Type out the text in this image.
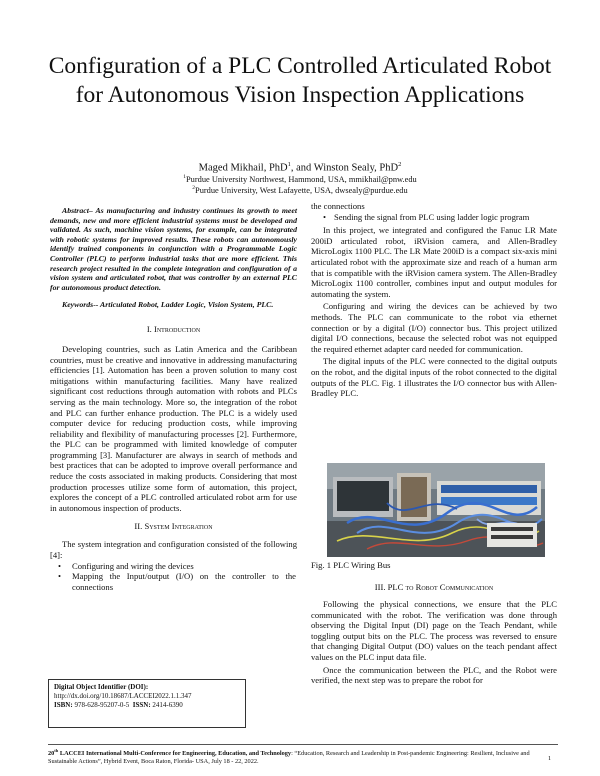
Configuration of a PLC Controlled Articulated Robot for Autonomous Vision Inspection Applications
Maged Mikhail, PhD$^1$, and Winston Sealy, PhD$^2$
$^1$Purdue University Northwest, Hammond, USA, mmikhail@pnw.edu
$^2$Purdue University, West Lafayette, USA, dwsealy@purdue.edu

Abstract– As manufacturing and industry continues its growth to meet demands, new and more efficient industrial systems must be developed and validated. As such, machine vision systems, for example, can be integrated with robotic systems for improved results. These robots can autonomously identify trained components in conjunction with a Programmable Logic Controller (PLC) to perform industrial tasks that are more efficient. This research project resulted in the complete integration and configuration of a vision system and articulated robot, that was controller by an external PLC for autonomous product detection.

Keywords-- Articulated Robot, Ladder Logic, Vision System, PLC.

I. Introduction

Developing countries, such as Latin America and the Caribbean countries, must be creative and innovative in addressing manufacturing efficiencies [1]. Automation has been a proven solution to many cost mitigations within manufacturing facilities. Many have realized significant cost reductions through automation with robots and PLCs serving as the main technology. More so, the integration of the robot and PLC can further enhance production. The PLC is a widely used computer device for reducing production costs, while improving reliability and flexibility of manufacturing processes [2]. Furthermore, the PLC can be programmed with limited knowledge of computer programming [3]. Manufacturer are always in search of methods and best practices that can be adopted to improve overall performance and reduce the costs associated in making products. Considering that most production processes utilize some form of automation, this project, explores the concept of a PLC controlled articulated robot arm for use in autonomous inspection of products.

II. System Integration

The system integration and configuration consisted of the following [4]:

• Configuring and wiring the devices
• Mapping the Input/output (I/O) on the controller to the connections

the connections

• Sending the signal from PLC using ladder logic program

In this project, we integrated and configured the Fanuc LR Mate 200iD articulated robot, iRVision camera, and Allen-Bradley MicroLogix 1100 PLC. The LR Mate 200iD is a compact six-axis mini articulated robot with the approximate size and reach of a human arm that is compatible with the iRVision camera system. The Allen-Bradley MicroLogix 1100 controller, combines input and output modules for automating the system.

Configuring and wiring the devices can be achieved by two methods. The PLC can communicate to the robot via ethernet connection or by a digital (I/O) connector bus. This project utilized digital I/O connections, because the selected robot was not equipped the required ethernet adapter card needed for communication.

The digital inputs of the PLC were connected to the digital outputs on the robot, and the digital inputs of the robot connected to the digital outputs of the PLC. Fig. 1 illustrates the I/O connector bus with Allen-Bradley PLC.

Fig. 1 PLC Wiring Bus
III. PLC to Robot Communication

Following the physical connections, we ensure that the PLC communicated with the robot. The verification was done through observing the Digital Input (DI) page on the Teach Pendant, while toggling output bits on the PLC. The process was reversed to ensure that changing Digital Output (DO) values on the teach pendant affect values on the PLC input data file.

Once the communication between the PLC, and the Robot were verified, the next step was to prepare the robot for

Digital Object Identifier (DOI):
http://dx.doi.org/10.18687/LACCEI2022.1.1.347
ISBN: 978-628-95207-0-5 ISSN: 2414-6390
20th LACCEI International Multi-Conference for Engineering, Education, and Technology: “Education, Research and Leadership in Post-pandemic Engineering: Resilient, Inclusive and Sustainable Actions”, Hybrid Event, Boca Raton, Florida- USA, July 18 - 22, 2022.	1
